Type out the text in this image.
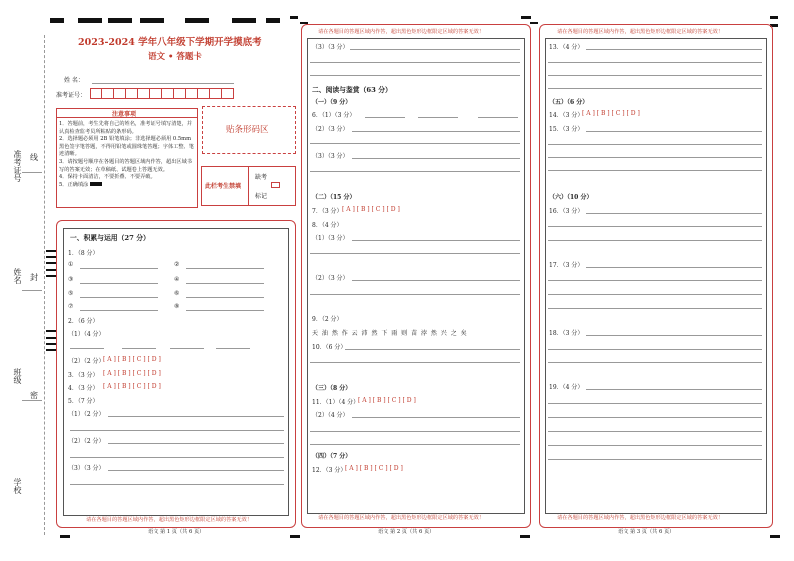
准考证号 线
姓名 封
班级
密
学校
2023-2024 学年八年级下学期开学摸底考
语文 • 答题卡
姓 名：
准考证号：
注意事项
1．答题前，考生先将自己的姓名，准考证号填写清楚，并认真检查监考员所粘贴的条形码。
2．选择题必须用 2B 铅笔填涂；非选择题必须用 0.5mm 黑色签字笔答题，不得用铅笔或圆珠笔答题；字体工整、笔迹清晰。
3．请按题号顺序在各题目的答题区域内作答，超出区域书写的答案无效；在草稿纸、试题卷上答题无效。
4．保持卡面清洁，不要折叠、不要弄破。
5．正确填涂
贴条形码区
此栏考生禁填
缺考
标记
一、积累与运用（27 分）
1．（8 分）
①	②
③	④
⑤	⑥
⑦	⑧
2．（6 分）
（1）（4 分）
（2）（2 分）
[ A ] [ B ] [ C ] [ D ]
3．（3 分） [ A ] [ B ] [ C ] [ D ]
4．（3 分） [ A ] [ B ] [ C ] [ D ]
5．（7 分）
（1）（2 分）
（2）（2 分）
（3）（3 分）
请在各题目的答题区域内作答，超出黑色矩形边框限定区域的答案无效！
语文 第 1 页（共 6 页）
请在各题目的答题区域内作答，超出黑色矩形边框限定区域的答案无效！
（3）（3 分）
二、阅读与鉴赏（63 分）
（一）（9 分）
6．（1）（3 分）
（2）（3 分）
（3）（3 分）
（二）（15 分）
7．（3 分） [ A ] [ B ] [ C ] [ D ]
8．（4 分）
（1）（3 分）
（2）（3 分）
9．（2 分）
天 油 然 作 云 沛 然 下 雨 则 苗 浡 然 兴 之 矣
10．（6 分）
（三）（8 分）
11．（1）（4 分）
[ A ] [ B ] [ C ] [ D ]
（2）（4 分）
（四）（7 分）
12．（3 分）
[ A ] [ B ] [ C ] [ D ]
请在各题目的答题区域内作答，超出黑色矩形边框限定区域的答案无效！
语文 第 2 页（共 6 页）
请在各题目的答题区域内作答，超出黑色矩形边框限定区域的答案无效！
13．（4 分）
（五）（6 分）
14．（3 分）
[ A ] [ B ] [ C ] [ D ]
15．（3 分）
（六）（10 分）
16．（3 分）
17．（3 分）
18．（3 分）
19．（4 分）
请在各题目的答题区域内作答，超出黑色矩形边框限定区域的答案无效！
语文 第 3 页（共 6 页）
